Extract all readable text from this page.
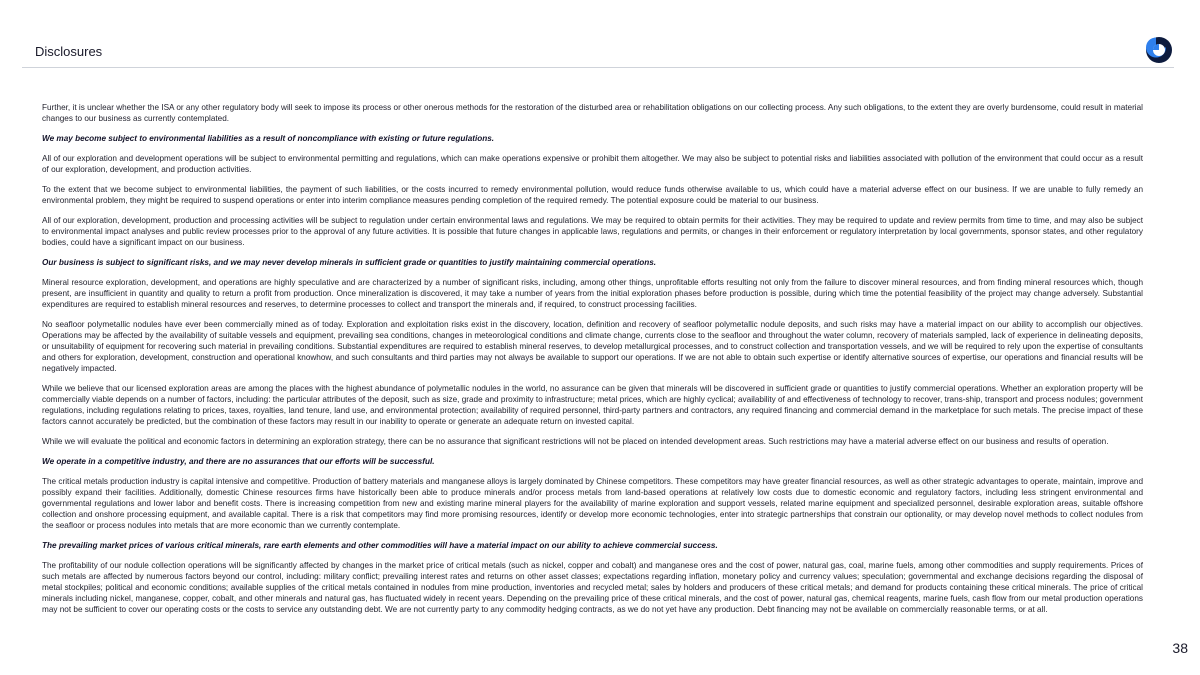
Disclosures

Further, it is unclear whether the ISA or any other regulatory body will seek to impose its process or other onerous methods for the restoration of the disturbed area or rehabilitation obligations on our collecting process. Any such obligations, to the extent they are overly burdensome, could result in material changes to our business as currently contemplated.

We may become subject to environmental liabilities as a result of noncompliance with existing or future regulations.

All of our exploration and development operations will be subject to environmental permitting and regulations, which can make operations expensive or prohibit them altogether. We may also be subject to potential risks and liabilities associated with pollution of the environment that could occur as a result of our exploration, development, and production activities.

To the extent that we become subject to environmental liabilities, the payment of such liabilities, or the costs incurred to remedy environmental pollution, would reduce funds otherwise available to us, which could have a material adverse effect on our business. If we are unable to fully remedy an environmental problem, they might be required to suspend operations or enter into interim compliance measures pending completion of the required remedy. The potential exposure could be material to our business.

All of our exploration, development, production and processing activities will be subject to regulation under certain environmental laws and regulations. We may be required to obtain permits for their activities. They may be required to update and review permits from time to time, and may also be subject to environmental impact analyses and public review processes prior to the approval of any future activities. It is possible that future changes in applicable laws, regulations and permits, or changes in their enforcement or regulatory interpretation by local governments, sponsor states, and other regulatory bodies, could have a significant impact on our business.

Our business is subject to significant risks, and we may never develop minerals in sufficient grade or quantities to justify maintaining commercial operations.

Mineral resource exploration, development, and operations are highly speculative and are characterized by a number of significant risks, including, among other things, unprofitable efforts resulting not only from the failure to discover mineral resources, and from finding mineral resources which, though present, are insufficient in quantity and quality to return a profit from production. Once mineralization is discovered, it may take a number of years from the initial exploration phases before production is possible, during which time the potential feasibility of the project may change adversely. Substantial expenditures are required to establish mineral resources and reserves, to determine processes to collect and transport the minerals and, if required, to construct processing facilities.

No seafloor polymetallic nodules have ever been commercially mined as of today. Exploration and exploitation risks exist in the discovery, location, definition and recovery of seafloor polymetallic nodule deposits, and such risks may have a material impact on our ability to accomplish our objectives. Operations may be affected by the availability of suitable vessels and equipment, prevailing sea conditions, changes in meteorological conditions and climate change, currents close to the seafloor and throughout the water column, recovery of materials sampled, lack of experience in delineating deposits, or unsuitability of equipment for recovering such material in prevailing conditions. Substantial expenditures are required to establish mineral reserves, to develop metallurgical processes, and to construct collection and transportation vessels, and we will be required to rely upon the expertise of consultants and others for exploration, development, construction and operational knowhow, and such consultants and third parties may not always be available to support our operations. If we are not able to obtain such expertise or identify alternative sources of expertise, our operations and financial results will be negatively impacted.

While we believe that our licensed exploration areas are among the places with the highest abundance of polymetallic nodules in the world, no assurance can be given that minerals will be discovered in sufficient grade or quantities to justify commercial operations. Whether an exploration property will be commercially viable depends on a number of factors, including: the particular attributes of the deposit, such as size, grade and proximity to infrastructure; metal prices, which are highly cyclical; availability of and effectiveness of technology to recover, trans-ship, transport and process nodules; government regulations, including regulations relating to prices, taxes, royalties, land tenure, land use, and environmental protection; availability of required personnel, third-party partners and contractors, any required financing and commercial demand in the marketplace for such metals. The precise impact of these factors cannot accurately be predicted, but the combination of these factors may result in our inability to operate or generate an adequate return on invested capital.

While we will evaluate the political and economic factors in determining an exploration strategy, there can be no assurance that significant restrictions will not be placed on intended development areas. Such restrictions may have a material adverse effect on our business and results of operation.

We operate in a competitive industry, and there are no assurances that our efforts will be successful.

The critical metals production industry is capital intensive and competitive. Production of battery materials and manganese alloys is largely dominated by Chinese competitors. These competitors may have greater financial resources, as well as other strategic advantages to operate, maintain, improve and possibly expand their facilities. Additionally, domestic Chinese resources firms have historically been able to produce minerals and/or process metals from land-based operations at relatively low costs due to domestic economic and regulatory factors, including less stringent environmental and governmental regulations and lower labor and benefit costs. There is increasing competition from new and existing marine mineral players for the availability of marine exploration and support vessels, related marine equipment and specialized personnel, desirable exploration areas, suitable offshore collection and onshore processing equipment, and available capital. There is a risk that competitors may find more promising resources, identify or develop more economic technologies, enter into strategic partnerships that constrain our optionality, or may develop novel methods to collect nodules from the seafloor or process nodules into metals that are more economic than we currently contemplate.

The prevailing market prices of various critical minerals, rare earth elements and other commodities will have a material impact on our ability to achieve commercial success.

The profitability of our nodule collection operations will be significantly affected by changes in the market price of critical metals (such as nickel, copper and cobalt) and manganese ores and the cost of power, natural gas, coal, marine fuels, among other commodities and supply requirements. Prices of such metals are affected by numerous factors beyond our control, including: military conflict; prevailing interest rates and returns on other asset classes; expectations regarding inflation, monetary policy and currency values; speculation; governmental and exchange decisions regarding the disposal of metal stockpiles; political and economic conditions; available supplies of the critical metals contained in nodules from mine production, inventories and recycled metal; sales by holders and producers of these critical metals; and demand for products containing these critical minerals. The price of critical minerals including nickel, manganese, copper, cobalt, and other minerals and natural gas, has fluctuated widely in recent years. Depending on the prevailing price of these critical minerals, and the cost of power, natural gas, chemical reagents, marine fuels, cash flow from our metal production operations may not be sufficient to cover our operating costs or the costs to service any outstanding debt. We are not currently party to any commodity hedging contracts, as we do not yet have any production. Debt financing may not be available on commercially reasonable terms, or at all.

38
